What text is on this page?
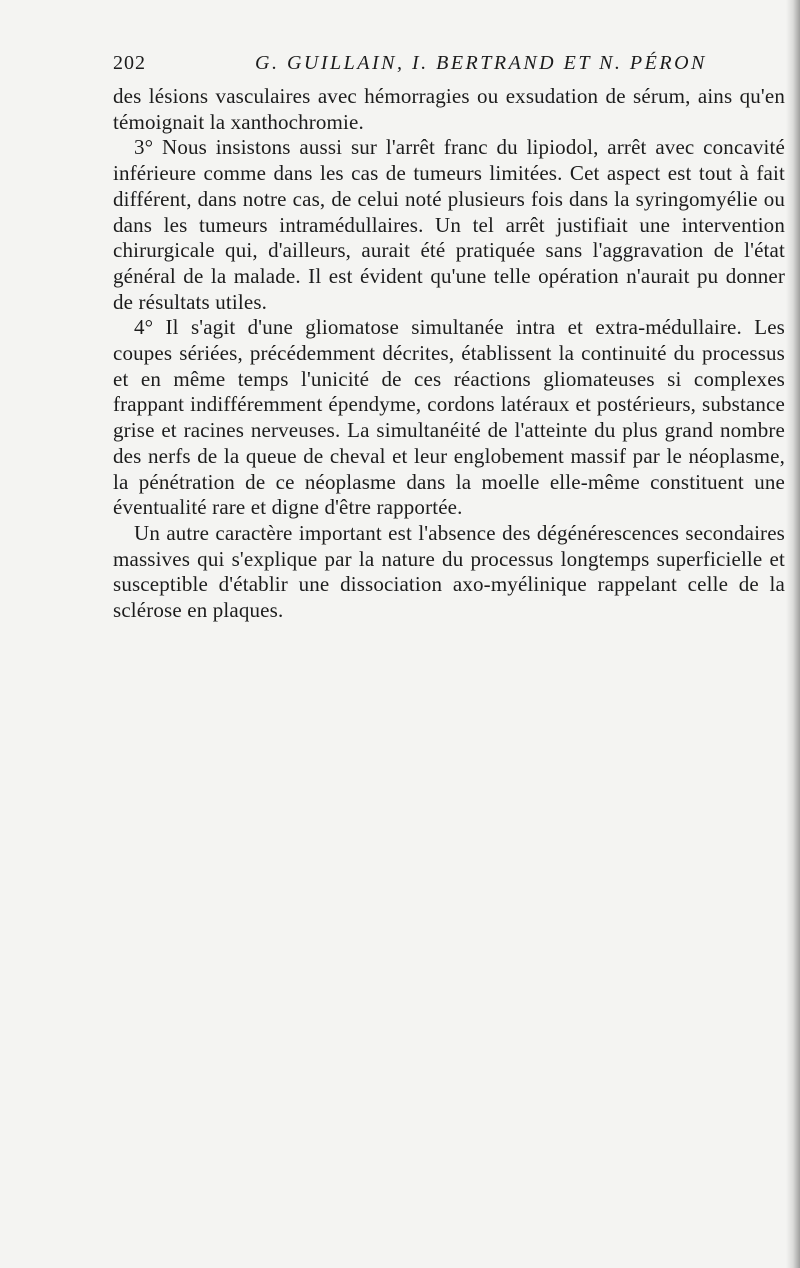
202	G. GUILLAIN, I. BERTRAND ET N. PÉRON

des lésions vasculaires avec hémorragies ou exsudation de sérum, ains qu'en témoignait la xanthochromie.

3° Nous insistons aussi sur l'arrêt franc du lipiodol, arrêt avec concavité inférieure comme dans les cas de tumeurs limitées. Cet aspect est tout à fait différent, dans notre cas, de celui noté plusieurs fois dans la syringomyélie ou dans les tumeurs intramédullaires. Un tel arrêt justifiait une intervention chirurgicale qui, d'ailleurs, aurait été pratiquée sans l'aggravation de l'état général de la malade. Il est évident qu'une telle opération n'aurait pu donner de résultats utiles.

4° Il s'agit d'une gliomatose simultanée intra et extra-médullaire. Les coupes sériées, précédemment décrites, établissent la continuité du processus et en même temps l'unicité de ces réactions gliomateuses si complexes frappant indifféremment épendyme, cordons latéraux et postérieurs, substance grise et racines nerveuses. La simultanéité de l'atteinte du plus grand nombre des nerfs de la queue de cheval et leur englobement massif par le néoplasme, la pénétration de ce néoplasme dans la moelle elle-même constituent une éventualité rare et digne d'être rapportée.

Un autre caractère important est l'absence des dégénérescences secondaires massives qui s'explique par la nature du processus longtemps superficielle et susceptible d'établir une dissociation axo-myélinique rappelant celle de la sclérose en plaques.
